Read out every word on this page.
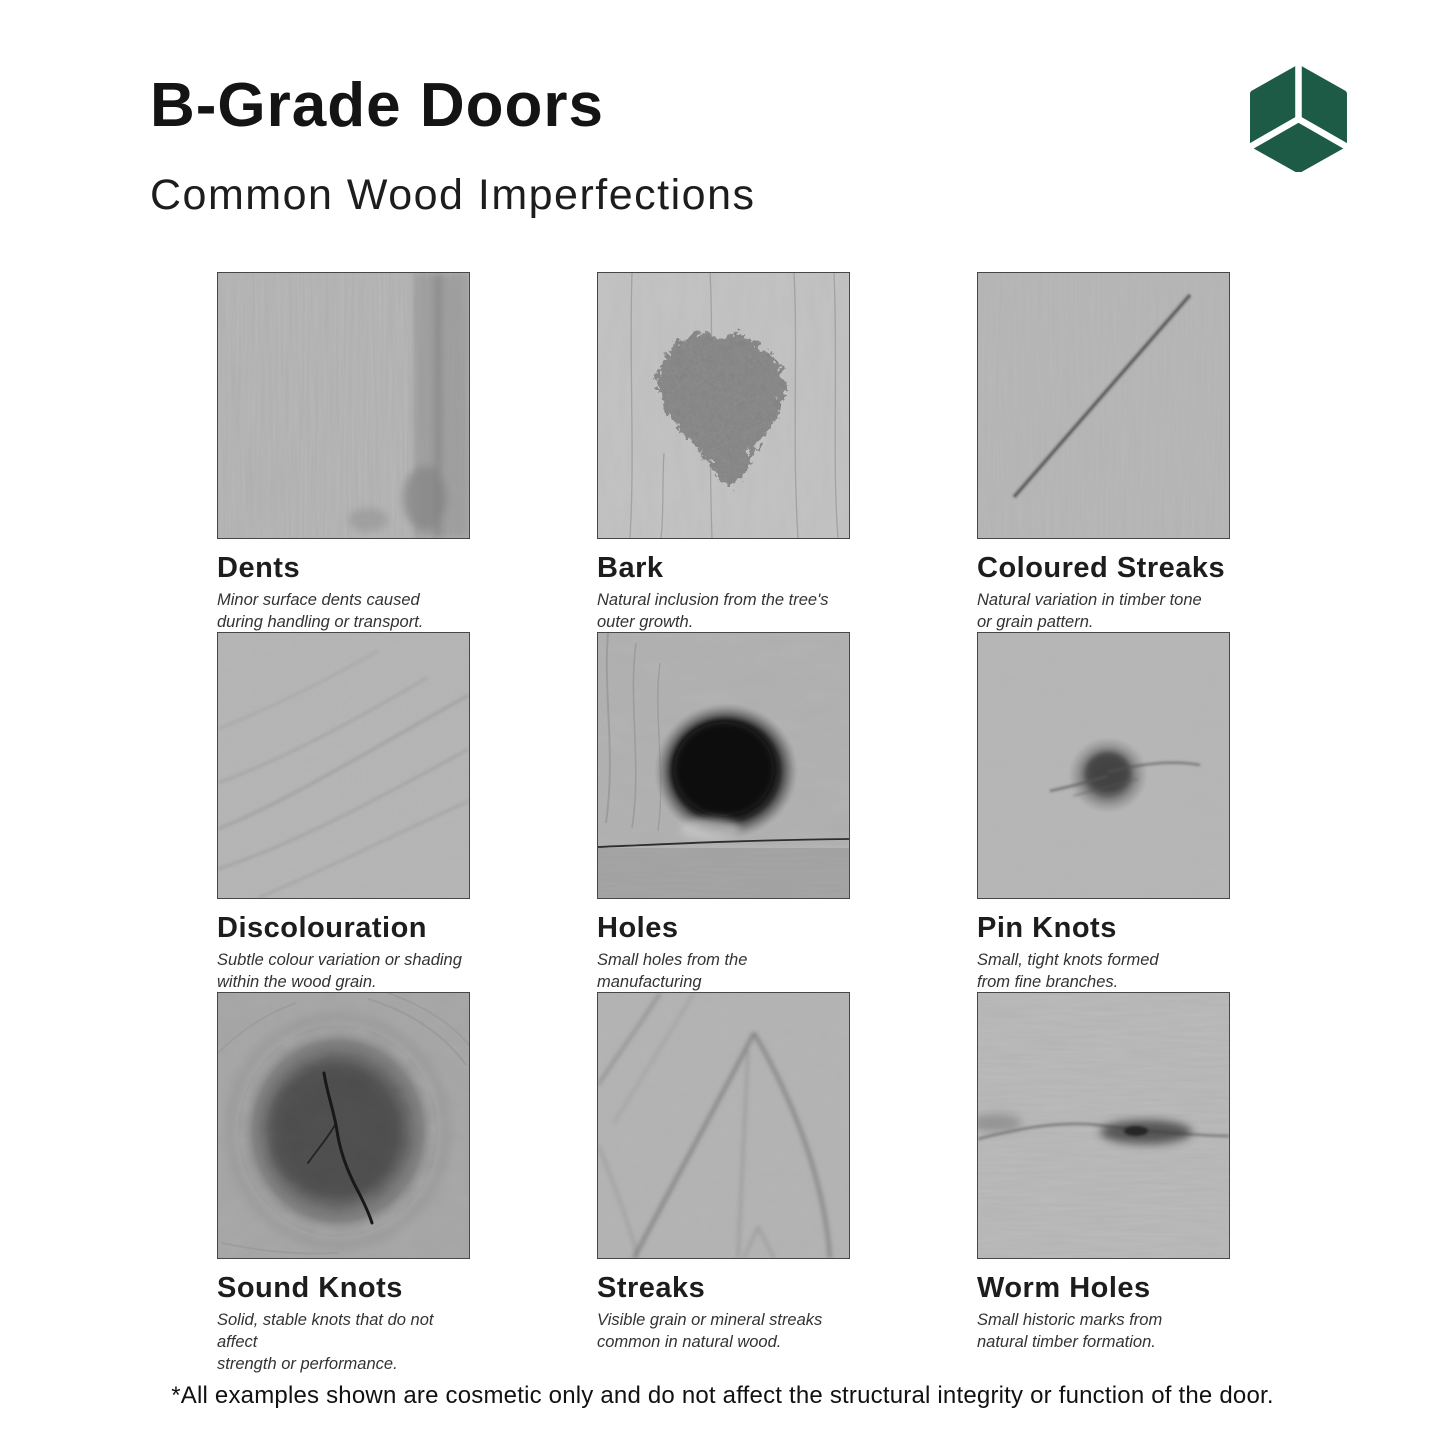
B-Grade Doors
Common Wood Imperfections
Dents

Minor surface dents caused
during handling or transport.

Bark

Natural inclusion from the tree's
outer growth.

Coloured Streaks

Natural variation in timber tone
or grain pattern.

Discolouration

Subtle colour variation or shading
within the wood grain.

Holes

Small holes from the manufacturing

Pin Knots

Small, tight knots formed
from fine branches.

Sound Knots

Solid, stable knots that do not affect
strength or performance.

Streaks

Visible grain or mineral streaks
common in natural wood.

Worm Holes

Small historic marks from
natural timber formation.

*All examples shown are cosmetic only and do not affect the structural integrity or function of the door.
